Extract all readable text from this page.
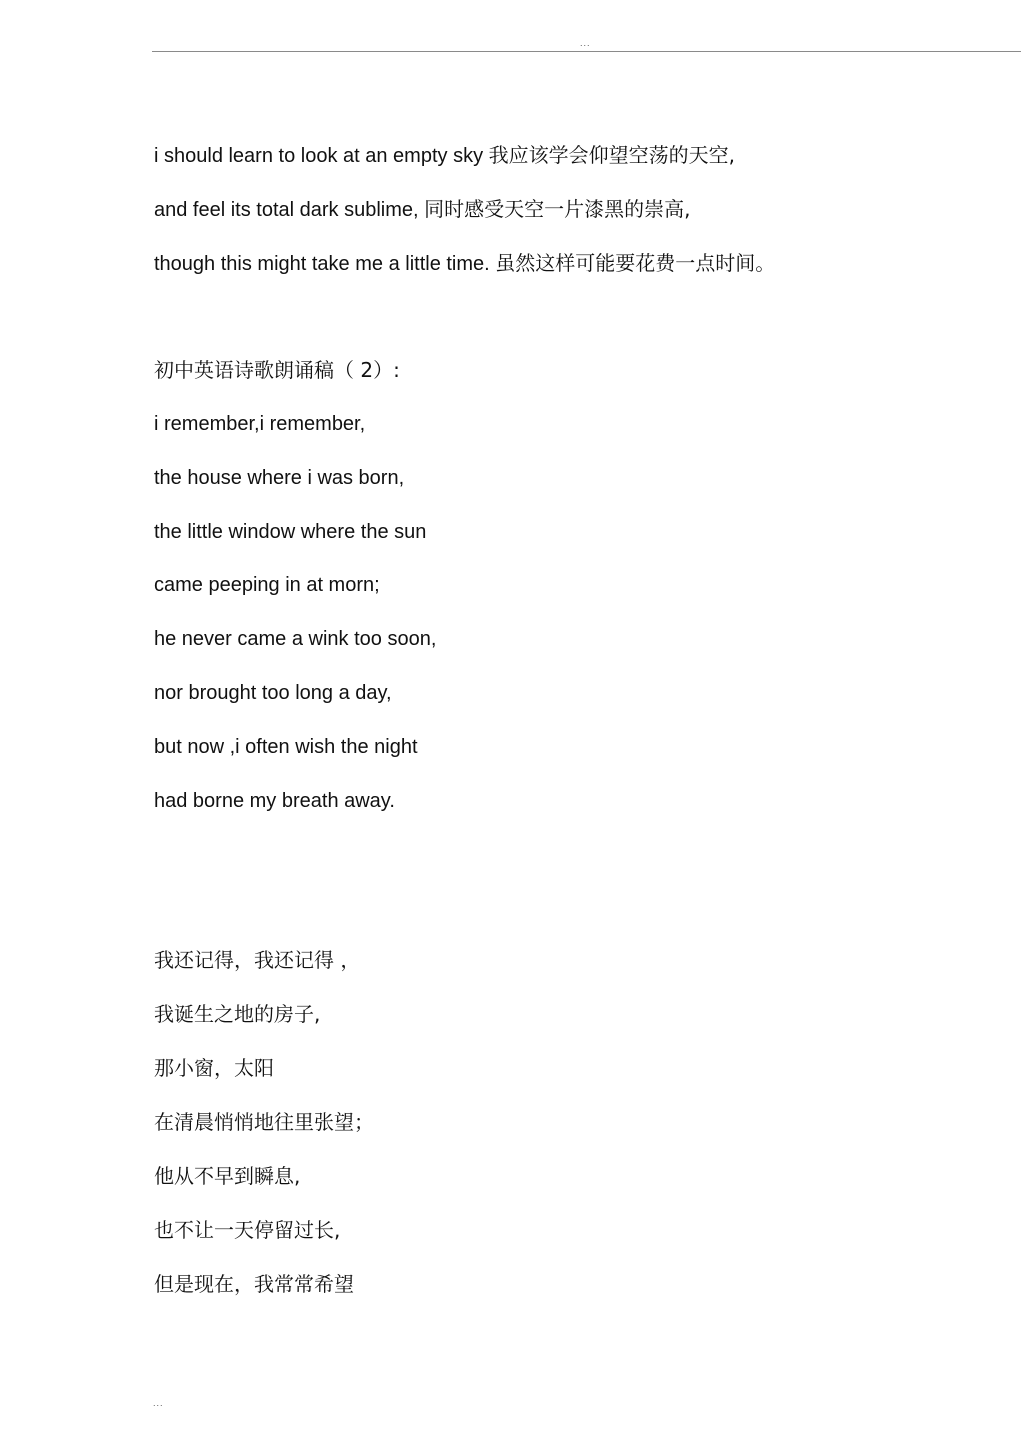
...
i should learn to look at an empty sky 我应该学会仰望空荡的天空,
and feel its total dark sublime, 同时感受天空一片漆黑的崇高,
though this might take me a little time. 虽然这样可能要花费一点时间。
初中英语诗歌朗诵稿（ 2）:
i remember,i remember,
the house where i was born,
the little window where the sun
came peeping in at morn;
he never came a wink too soon,
nor brought too long a day,
but now ,i often wish the night
had borne my breath away.
我还记得，我还记得 ，
我诞生之地的房子,
那小窗，太阳
在清晨悄悄地往里张望；
他从不早到瞬息,
也不让一天停留过长,
但是现在，我常常希望
...
